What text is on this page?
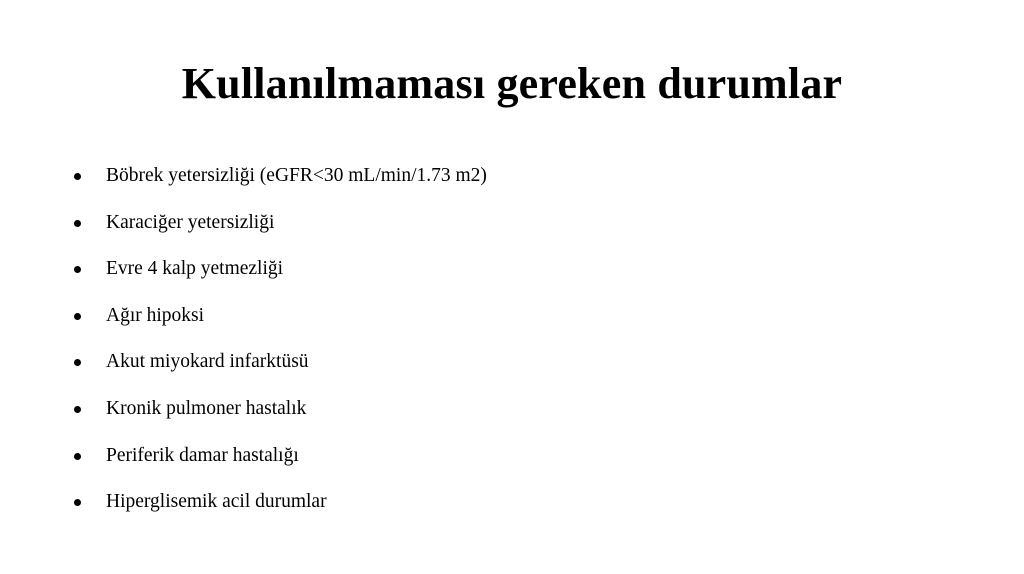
Kullanılmaması gereken durumlar
Böbrek yetersizliği (eGFR<30 mL/min/1.73 m2)
Karaciğer yetersizliği
Evre 4 kalp yetmezliği
Ağır hipoksi
Akut miyokard infarktüsü
Kronik pulmoner hastalık
Periferik damar hastalığı
Hiperglisemik acil durumlar
